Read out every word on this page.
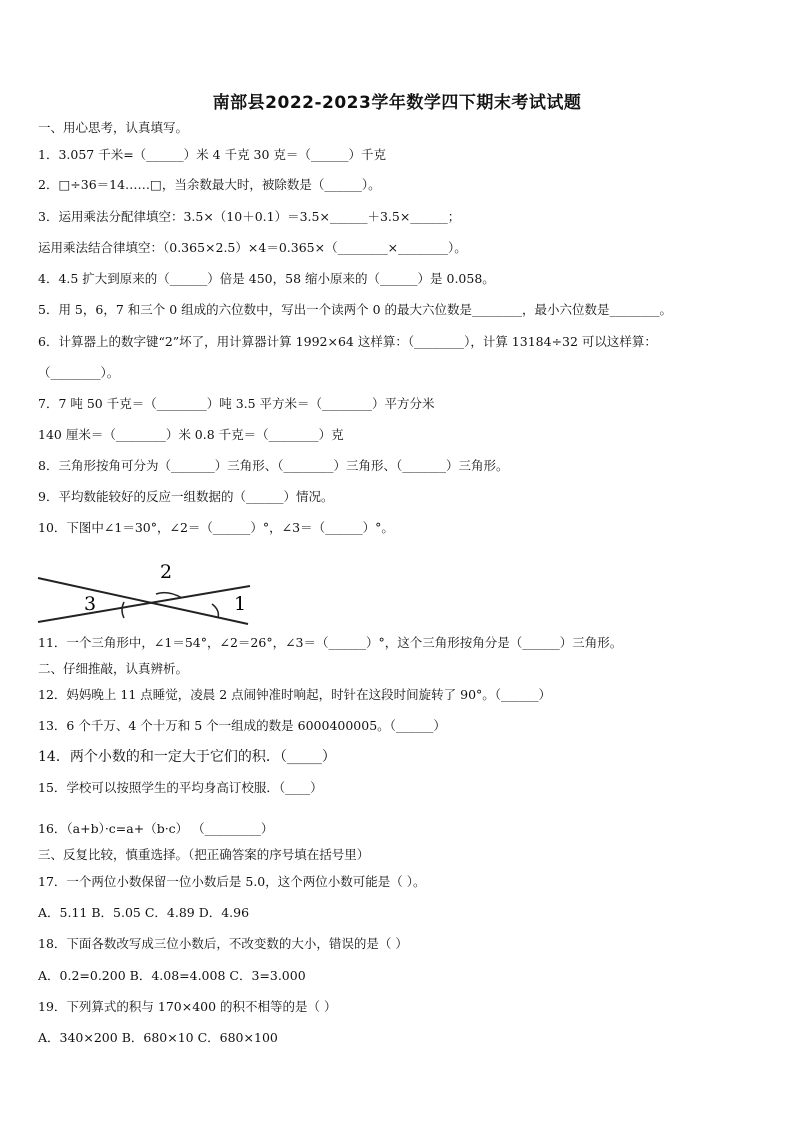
南部县2022-2023学年数学四下期末考试试题
一、用心思考，认真填写。
1．3.057 千米=（______）米 4 千克 30 克＝（______）千克
2．□÷36＝14……□，当余数最大时，被除数是（______）。
3．运用乘法分配律填空：3.5×（10＋0.1）＝3.5×______＋3.5×______；
运用乘法结合律填空：（0.365×2.5）×4＝0.365×（________×________）。
4．4.5 扩大到原来的（______）倍是 450，58 缩小原来的（______）是 0.058。
5．用 5，6，7 和三个 0 组成的六位数中，写出一个读两个 0 的最大六位数是________，最小六位数是________。
6．计算器上的数字键“2”坏了，用计算器计算 1992×64 这样算：（________），计算 13184÷32 可以这样算：
（________）。
7．7 吨 50 千克＝（________）吨 3.5 平方米＝（________）平方分米
140 厘米＝（________）米 0.8 千克＝（________）克
8．三角形按角可分为（_______）三角形、（________）三角形、（_______）三角形。
9．平均数能较好的反应一组数据的（______）情况。
10．下图中∠1＝30°，∠2＝（______）°，∠3＝（______）°。
2
3	1
11．一个三角形中，∠1＝54°，∠2＝26°，∠3＝（______）°，这个三角形按角分是（______）三角形。
二、仔细推敲，认真辨析。
12．妈妈晚上 11 点睡觉，凌晨 2 点闹钟准时响起，时针在这段时间旋转了 90°。（______）
13．6 个千万、4 个十万和 5 个一组成的数是 6000400005。（______）
14．两个小数的和一定大于它们的积．（_____）
15．学校可以按照学生的平均身高订校服．（____）
16．（a+b）·c=a+（b·c） （_________）
三、反复比较，慎重选择。（把正确答案的序号填在括号里）
17．一个两位小数保留一位小数后是 5.0，这个两位小数可能是（ ）。
A．5.11 B．5.05 C．4.89 D．4.96
18．下面各数改写成三位小数后，不改变数的大小，错误的是（ ）
A．0.2=0.200 B．4.08=4.008 C．3=3.000
19．下列算式的积与 170×400 的积不相等的是（ ）
A．340×200 B．680×10 C．680×100
